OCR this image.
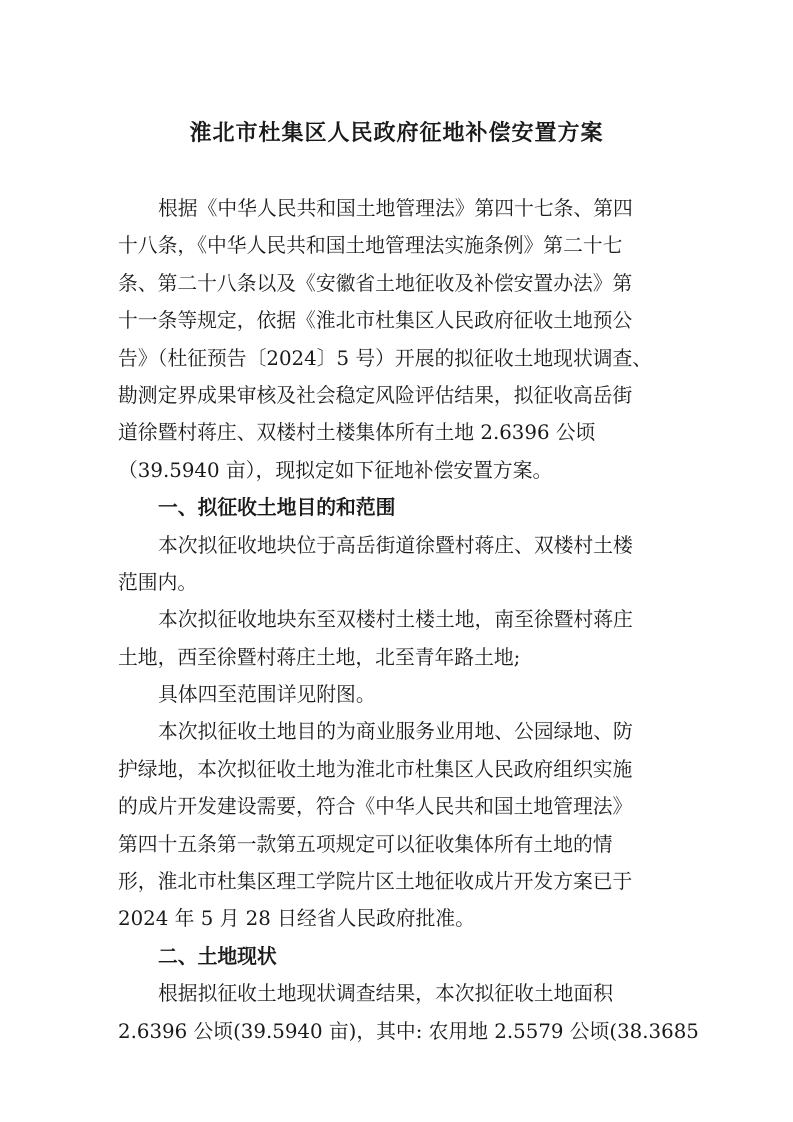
淮北市杜集区人民政府征地补偿安置方案
根据《中华人民共和国土地管理法》第四十七条、第四
十八条，《中华人民共和国土地管理法实施条例》第二十七
条、第二十八条以及《安徽省土地征收及补偿安置办法》第
十一条等规定，依据《淮北市杜集区人民政府征收土地预公
告》（杜征预告〔2024〕5 号）开展的拟征收土地现状调查、
勘测定界成果审核及社会稳定风险评估结果，拟征收高岳街
道徐暨村蒋庄、双楼村土楼集体所有土地 2.6396 公顷
（39.5940 亩），现拟定如下征地补偿安置方案。
一、拟征收土地目的和范围
本次拟征收地块位于高岳街道徐暨村蒋庄、双楼村土楼
范围内。
本次拟征收地块东至双楼村土楼土地，南至徐暨村蒋庄
土地，西至徐暨村蒋庄土地，北至青年路土地;
具体四至范围详见附图。
本次拟征收土地目的为商业服务业用地、公园绿地、防
护绿地，本次拟征收土地为淮北市杜集区人民政府组织实施
的成片开发建设需要，符合《中华人民共和国土地管理法》
第四十五条第一款第五项规定可以征收集体所有土地的情
形，淮北市杜集区理工学院片区土地征收成片开发方案已于
2024 年 5 月 28 日经省人民政府批准。
二、土地现状
根据拟征收土地现状调查结果，本次拟征收土地面积
2.6396 公顷(39.5940 亩)，其中: 农用地 2.5579 公顷(38.3685
